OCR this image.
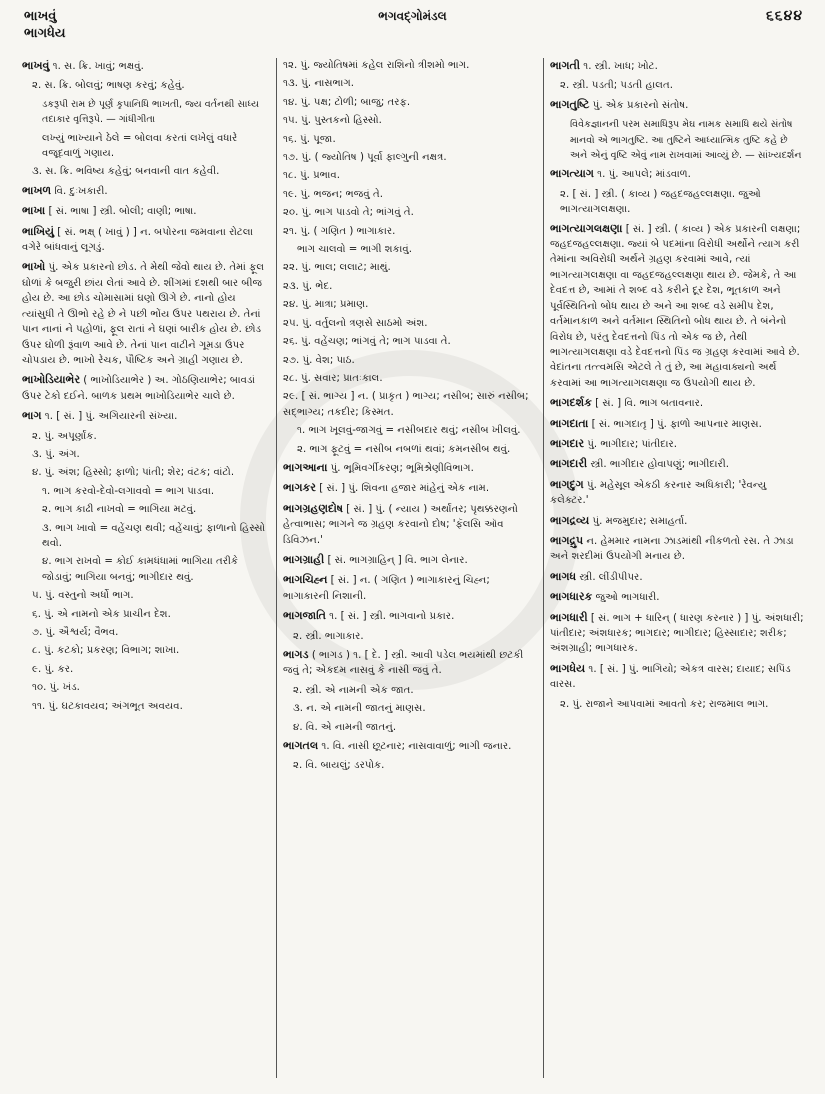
ભાખવું
ભાગધેય
ભગવદ્ગોમંડલ	૬૬૪૪
ભાખવું ૧. સ. ક્રિ. ખાવું; ભક્ષવું.
૨. સ. ક્રિ. બોલવું; ભાષણ કરવું; કહેવું.
ડકરૂપી રામ છે પૂર્ણ કૃપાનિધિ ભાખતી, જ્ય વર્તનથી સાધ્ય તદાકાર વૃત્તિરૂપે. — ગાંધીગીતા
લખ્યું ભાખ્યાને ઠેલે = બોલવા કરતાં લખેલું વધારે વજૂદવાળું ગણાય.
૩. સ. ક્રિ. ભવિષ્ય કહેવું; બનવાની વાત કહેવી.
ભાખળ વિ. દુઃખકારી.
ભાખા [ સં. ભાષા ] સ્ત્રી. બોલી; વાણી; ભાષા.
ભાખિયું [ સં. ભક્ષ્ ( ખાવું ) ] ન. બપોરના જમવાના રોટલા વગેરે બાંધવાનું લૂગડું.
ભાખો પું. એક પ્રકારનો છોડ. તે મેથી જેવો થાય છે. તેમાં ફૂલ ઘોળાં કે બજુરી છાંય લેતાં આવે છે. શીંગમાં દશથી બાર બીજ હોય છે. આ છોડ ચોમાસામાં ઘણો ઊગે છે. નાનો હોય ત્યાંસુધી તે ઊભો રહે છે ને પછી ભોંય ઉપર પથરાય છે. તેનાં પાન નાનાં ને પહોળાં, ફૂલ રાતાં ને ઘણાં બારીક હોય છે. છોડ ઉપર ઘોળી રૂંવાળ આવે છે. તેનાં પાન વાટીને ગૂમડા ઉપર ચોપડાય છે. ભાખો રેચક, પૌષ્ટિક અને ગ્રાહી ગણાય છે.
ભાખોડિયાભેર ( ભાખોડિયાભેર ) અ. ગોઠણિયાભેર; બાવડાં ઉપર ટેકો દઈને. બાળક પ્રથમ ભાખોડિયાભેર ચાલે છે.
ભાગ ૧. [ સં. ] પું. અગિયારની સંખ્યા.
૨. પું. અપૂર્ણાંક.
૩. પું. અંગ.
૪. પું. અંશ; હિસ્સો; ફાળો; પાંતી; શેર; વંટક; વાંટો.
૧. ભાગ કરવો-દેવો-લગાવવો = ભાગ પાડવા.
૨. ભાગ કાઢી નાખવો = ભાગિયા મટવું.
૩. ભાગ ખાવો = વહેંચણ થવી; વહેંચાવું; ફાળાનો હિસ્સો થવો.
૪. ભાગ રાખવો = કોઈ કામધંધામાં ભાગિયા તરીકે જોડાવું; ભાગિયા બનવું; ભાગીદાર થવું.
૫. પું. વસ્તુનો અર્ધો ભાગ.
૬. પું. એ નામનો એક પ્રાચીન દેશ.
૭. પું. ઐશ્વર્ય; વૈભવ.
૮. પું. કટકો; પ્રકરણ; વિભાગ; શાખા.
૯. પું. કર.
૧૦. પું. ખંડ.
૧૧. પું. ઘટકાવયવ; અંગભૂત અવયવ.
૧૨. પું. જ્યોતિષમાં કહેલ રાશિનો ત્રીશમો ભાગ.
૧૩. પું. નાસભાગ.
૧૪. પું. પક્ષ; ટોળી; બાજુ; તરફ.
૧૫. પું. પુસ્તકનો હિસ્સો.
૧૬. પું. પૂજા.
૧૭. પું. ( જ્યોતિષ ) પૂર્વા ફાલ્ગુની નક્ષત્ર.
૧૮. પું. પ્રભાવ.
૧૯. પું. ભજન; ભજવું તે.
૨૦. પું. ભાગ પાડવો તે; ભાંગવું તે.
૨૧. પું. ( ગણિત ) ભાગાકાર.
ભાગ ચાલવો = ભાગી શકાવું.
૨૨. પું. ભાલ; લલાટ; માથું.
૨૩. પું. ભેદ.
૨૪. પું. માત્રા; પ્રમાણ.
૨૫. પું. વર્તુલનો ત્રણસે સાઠમો અંશ.
૨૬. પું. વહેંચણ; ભાંગવું તે; ભાગ પાડવા તે.
૨૭. પું. વેશ; પાઠ.
૨૮. પું. સવાર; પ્રાતઃકાલ.
૨૯. [ સં. ભાગ્ય ] ન. ( પ્રાકૃત ) ભાગ્ય; નસીબ; સારું નસીબ; સદ્ભાગ્ય; તકદીર; કિસ્મત.
૧. ભાગ ખૂલવું-જાગવું = નસીબદાર થવું; નસીબ ખીલવું.
૨. ભાગ ફૂટવું = નસીબ નબળાં થવાં; કમનસીબ થવું.
ભાગઆના પું. ભૂમિવર્ગીકરણ; ભૂમિશ્રેણીવિભાગ.
ભાગકર [ સં. ] પું. શિવના હજાર માંહેનું એક નામ.
ભાગગ્રહણદોષ [ સં. ] પું. ( ન્યાય ) અર્થાંતર; પૃથક્કરણનો હેત્વાભાસ; ભાગને જ ગ્રહણ કરવાનો દોષ; 'ફૅલસિ ઑવ ડિવિઝન.'
ભાગગ્રાહી [ સં. ભાગગ્રાહિન્ ] વિ. ભાગ લેનાર.
ભાગચિહ્ન [ સં. ] ન. ( ગણિત ) ભાગાકારનું ચિહ્ન; ભાગાકારની નિશાની.
ભાગજાતિ ૧. [ સં. ] સ્ત્રી. ભાગવાનો પ્રકાર.
૨. સ્ત્રી. ભાગાકાર.
ભાગડ ( ભાગડ ) ૧. [ દે. ] સ્ત્રી. આવી પડેલ ભયમાંથી છટકી જવું તે; એકદમ નાસવું કે નાસી જવું તે.
૨. સ્ત્રી. એ નામની એક જાત.
૩. ન. એ નામની જાતનું માણસ.
૪. વિ. એ નામની જાતનું.
ભાગતલ ૧. વિ. નાસી છૂટનાર; નાસવાવાળું; ભાગી જનાર.
૨. વિ. બાયલું; ડરપોક.
ભાગતી ૧. સ્ત્રી. ખાધ; ખોટ.
૨. સ્ત્રી. પડતી; પડતી હાલત.
ભાગતુષ્ટિ પું. એક પ્રકારનો સંતોષ.
વિવેકજ્ઞાનની પરમ સમાધિરૂપ મેઘ નામક સમાધિ થયે સંતોષ માનવો એ ભાગતુષ્ટિ. આ તુષ્ટિને આધ્યાત્મિક તુષ્ટિ કહે છે અને એનું વૃષ્ટિ એવું નામ રાખવામાં આવ્યું છે. — સાંખ્યદર્શન
ભાગત્યાગ ૧. પું. આપલે; માંડવાળ.
૨. [ સં. ] સ્ત્રી. ( કાવ્ય ) જહદજહલ્લક્ષણા. જુઓ ભાગત્યાગલક્ષણા.
ભાગત્યાગલક્ષણા [ સં. ] સ્ત્રી. ( કાવ્ય ) એક પ્રકારની લક્ષણા; જહદજહલ્લક્ષણા. જ્યાં બે પદમાંના વિરોધી અર્થોને ત્યાગ કરી તેમાંના અવિરોધી અર્થને ગ્રહણ કરવામાં આવે, ત્યાં ભાગત્યાગલક્ષણા વા જહદજહલ્લક્ષણા થાય છે. જેમકે, તે આ દેવદત્ત છે, આમાં તે શબ્દ વડે કરીને દૂર દેશ, ભૂતકાળ અને પૂર્વસ્થિતિનો બોધ થાય છે અને આ શબ્દ વડે સમીપ દેશ, વર્તમાનકાળ અને વર્તમાન સ્થિતિનો બોધ થાય છે. તે બંનેનો વિરોધ છે, પરંતુ દેવદત્તનો પિંડ તો એક જ છે, તેથી ભાગત્યાગલક્ષણા વડે દેવદત્તનો પિંડ જ ગ્રહણ કરવામાં આવે છે. વેદાંતના તત્ત્વમસિ એટલે તે તું છે, આ મહાવાક્યનો અર્થ કરવામાં આ ભાગત્યાગલક્ષણા જ ઉપયોગી થાય છે.
ભાગદર્શક [ સં. ] વિ. ભાગ બતાવનાર.
ભાગદાતા [ સં. ભાગદાતૃ ] પું. ફાળો આપનાર માણસ.
ભાગદાર પું. ભાગીદાર; પાંતીદાર.
ભાગદારી સ્ત્રી. ભાગીદાર હોવાપણું; ભાગીદારી.
ભાગદુગ પું. મહેસૂલ એકઠી કરનાર અધિકારી; 'રેવન્યુ કલેક્ટર.'
ભાગદ્રવ્ય પું. મજમુદાર; સમાહર્તા.
ભાગદ્રુપ ન. હેમમાર નામના ઝાડમાંથી નીકળતો રસ. તે ઝાડા અને શરદીમાં ઉપયોગી મનાય છે.
ભાગધ સ્ત્રી. લીંડીપીપર.
ભાગધારક જુઓ ભાગધારી.
ભાગધારી [ સં. ભાગ + ધારિન્ ( ધારણ કરનાર ) ] પું. અંશધારી; પાંતીદાર; અંશધારક; ભાગદાર; ભાગીદાર; હિસ્સાદાર; શરીક; અંશગ્રાહી; ભાગધારક.
ભાગધેય ૧. [ સં. ] પું. ભાગિયો; એકત્ર વારસ; દાયાદ; સપિંડ વારસ.
૨. પું. રાજાને આપવામાં આવતો કર; રાજમાલ ભાગ.
